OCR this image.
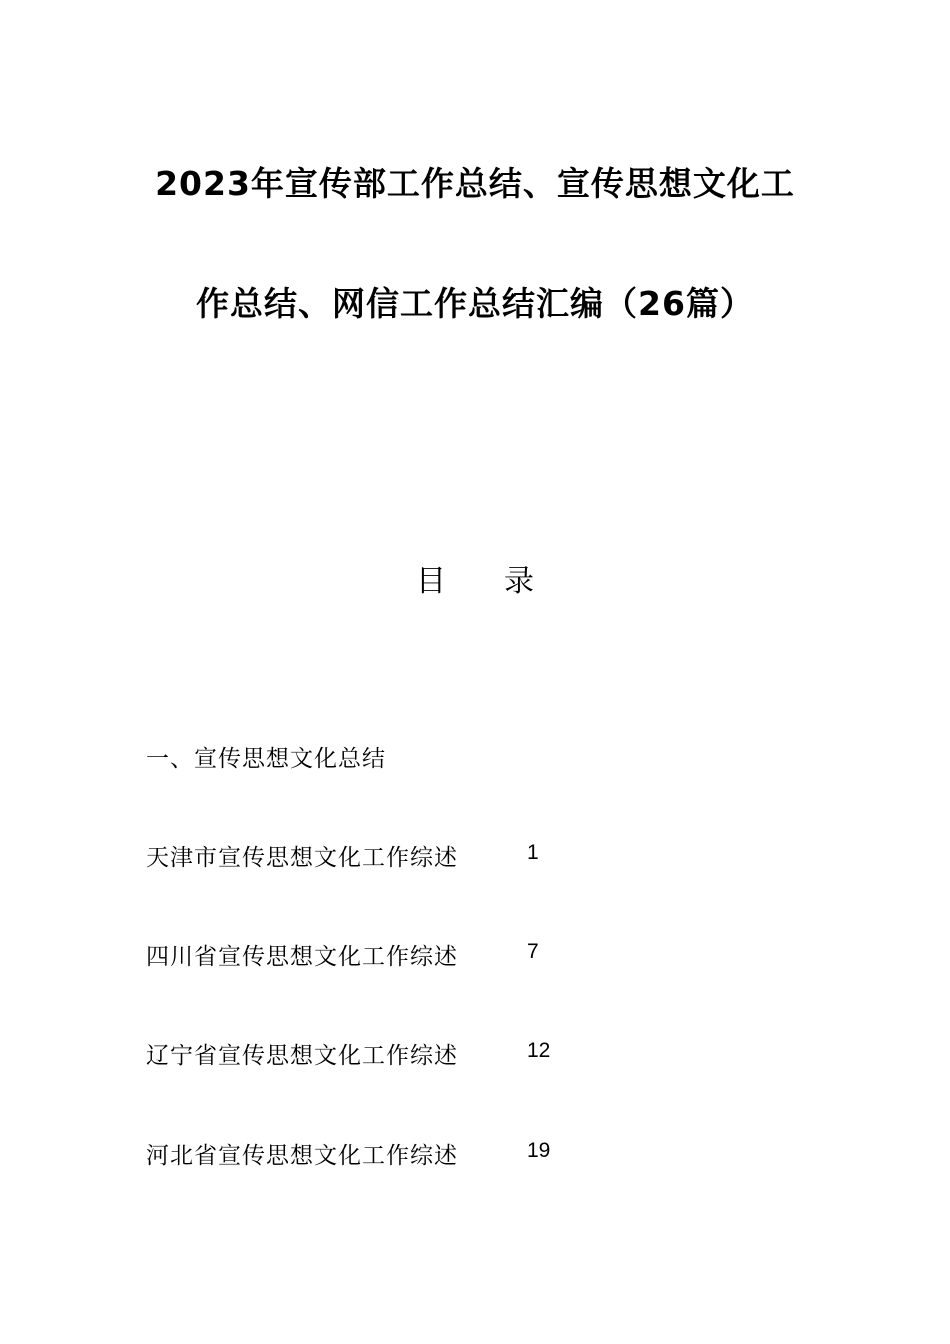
2023年宣传部工作总结、宣传思想文化工
作总结、网信工作总结汇编（26篇）
目 录
一、宣传思想文化总结
天津市宣传思想文化工作综述	1
四川省宣传思想文化工作综述	7
辽宁省宣传思想文化工作综述	12
河北省宣传思想文化工作综述	19
